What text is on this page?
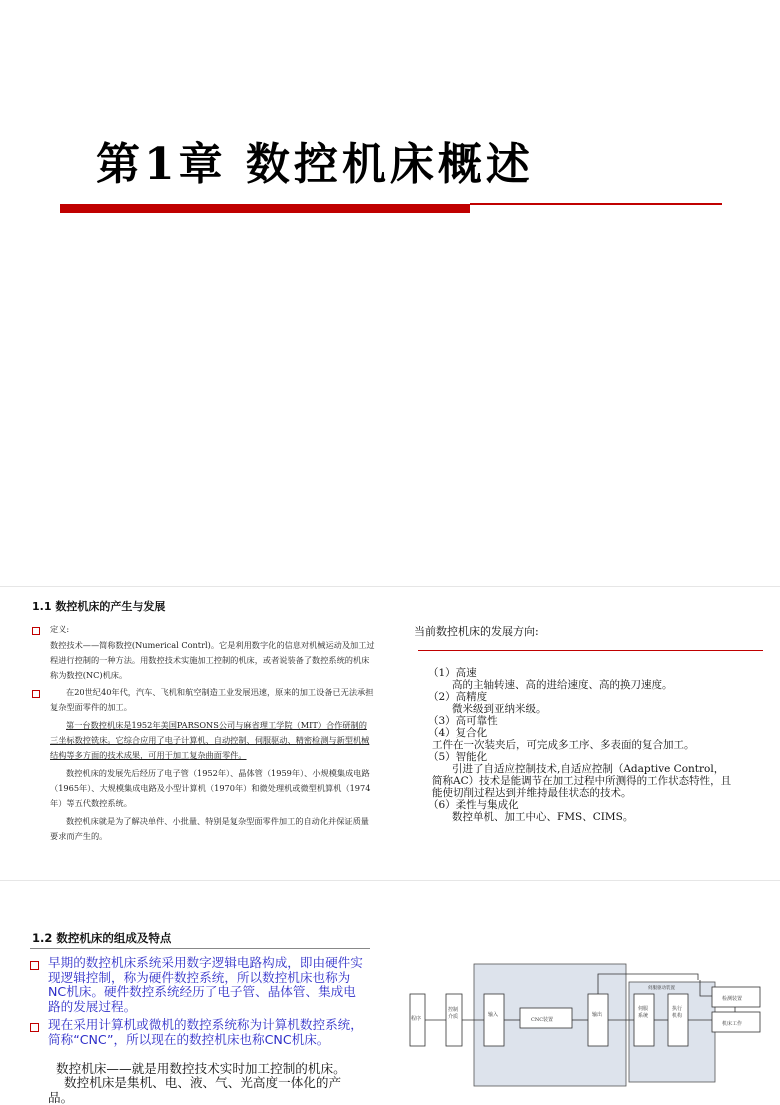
第1章 数控机床概述
1.1 数控机床的产生与发展
定义:
数控技术——简称数控(Numerical Contrl)。它是利用数字化的信息对机械运动及加工过程进行控制的一种方法。用数控技术实施加工控制的机床，或者说装备了数控系统的机床称为数控(NC)机床。
在20世纪40年代，汽车、飞机和航空制造工业发展迅速，原来的加工设备已无法承担复杂型面零件的加工。
第一台数控机床是1952年美国PARSONS公司与麻省理工学院（MIT）合作研制的三坐标数控铣床。它综合应用了电子计算机、自动控制、伺服驱动、精密检测与新型机械结构等多方面的技术成果，可用于加工复杂曲面零件。
数控机床的发展先后经历了电子管（1952年）、晶体管（1959年）、小规模集成电路（1965年）、大规模集成电路及小型计算机（1970年）和微处理机或微型机算机（1974年）等五代数控系统。
数控机床就是为了解决单件、小批量、特别是复杂型面零件加工的自动化并保证质量要求而产生的。
当前数控机床的发展方向:
（1）高速
高的主轴转速、高的进给速度、高的换刀速度。
（2）高精度
微米级到亚纳米级。
（3）高可靠性
（4）复合化
工件在一次装夹后，可完成多工序、多表面的复合加工。
（5）智能化
引进了自适应控制技术,自适应控制（Adaptive Control，
简称AC）技术是能调节在加工过程中所测得的工作状态特性，且
能使切削过程达到并维持最佳状态的技术。
（6）柔性与集成化
数控单机、加工中心、FMS、CIMS。
1.2 数控机床的组成及特点
早期的数控机床系统采用数字逻辑电路构成，即由硬件实现逻辑控制，称为硬件数控系统，所以数控机床也称为NC机床。硬件数控系统经历了电子管、晶体管、集成电路的发展过程。
现在采用计算机或微机的数控系统称为计算机数控系统，简称“CNC”，所以现在的数控机床也称CNC机床。
数控机床——就是用数控技术实时加工控制的机床。
数控机床是集机、电、液、气、光高度一体化的产品。
程序
控制介质	输入
CNC装置
输出
伺服驱动装置
伺服系统
执行机构
检测装置
机床工作
